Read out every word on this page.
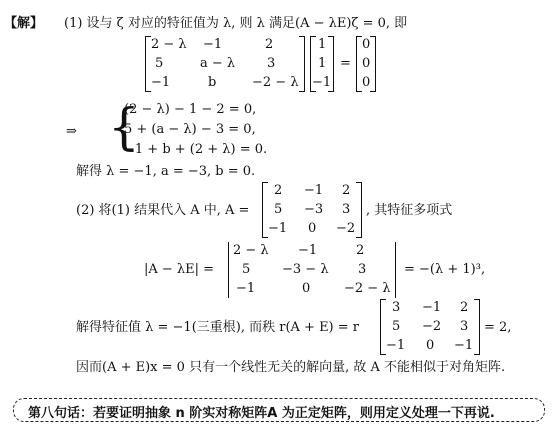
【解】 (1) 设与 ζ 对应的特征值为 λ, 则 λ 满足(A − λE)ζ = 0, 即
2 − λ −1	2
5	a − λ 3
−1	b	−2 − λ
1
1
−1
=
0
0
0
⇒ {
(2 − λ) − 1 − 2 = 0,
5 + (a − λ) − 3 = 0,
−1 + b + (2 + λ) = 0.
解得 λ = −1, a = −3, b = 0.
(2) 将(1) 结果代入 A 中, A =
2 −1 2
5 −3 3
−1 0 −2
, 其特征多项式
|A − λE| =
2 − λ −1	2
5 −3 − λ 3
−1	0	−2 − λ
= −(λ + 1)³,
解得特征值 λ = −1(三重根), 而秩 r(A + E) = r
3 −1 2
5 −2 3
−1 0 −1
= 2,
因而(A + E)x = 0 只有一个线性无关的解向量, 故 A 不能相似于对角矩阵.
第八句话：若要证明抽象 n 阶实对称矩阵A 为正定矩阵，则用定义处理一下再说.
